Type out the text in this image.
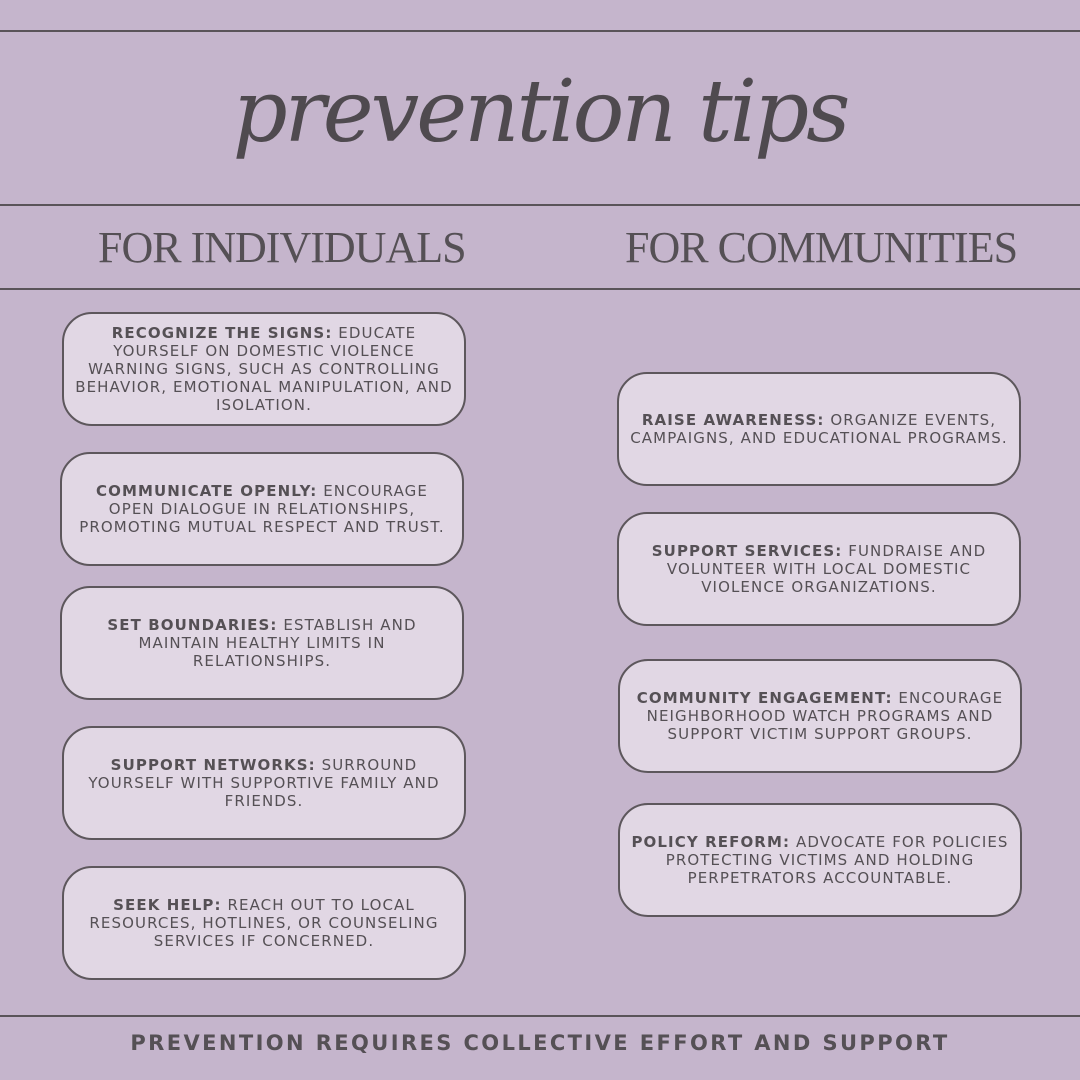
prevention tips
FOR INDIVIDUALS	FOR COMMUNITIES
RECOGNIZE THE SIGNS: EDUCATE YOURSELF ON DOMESTIC VIOLENCE WARNING SIGNS, SUCH AS CONTROLLING BEHAVIOR, EMOTIONAL MANIPULATION, AND ISOLATION.
COMMUNICATE OPENLY: ENCOURAGE OPEN DIALOGUE IN RELATIONSHIPS, PROMOTING MUTUAL RESPECT AND TRUST.
SET BOUNDARIES: ESTABLISH AND MAINTAIN HEALTHY LIMITS IN RELATIONSHIPS.
SUPPORT NETWORKS: SURROUND YOURSELF WITH SUPPORTIVE FAMILY AND FRIENDS.
SEEK HELP: REACH OUT TO LOCAL RESOURCES, HOTLINES, OR COUNSELING SERVICES IF CONCERNED.
RAISE AWARENESS: ORGANIZE EVENTS, CAMPAIGNS, AND EDUCATIONAL PROGRAMS.
SUPPORT SERVICES: FUNDRAISE AND VOLUNTEER WITH LOCAL DOMESTIC VIOLENCE ORGANIZATIONS.
COMMUNITY ENGAGEMENT: ENCOURAGE NEIGHBORHOOD WATCH PROGRAMS AND SUPPORT VICTIM SUPPORT GROUPS.
POLICY REFORM: ADVOCATE FOR POLICIES PROTECTING VICTIMS AND HOLDING PERPETRATORS ACCOUNTABLE.
PREVENTION REQUIRES COLLECTIVE EFFORT AND SUPPORT
